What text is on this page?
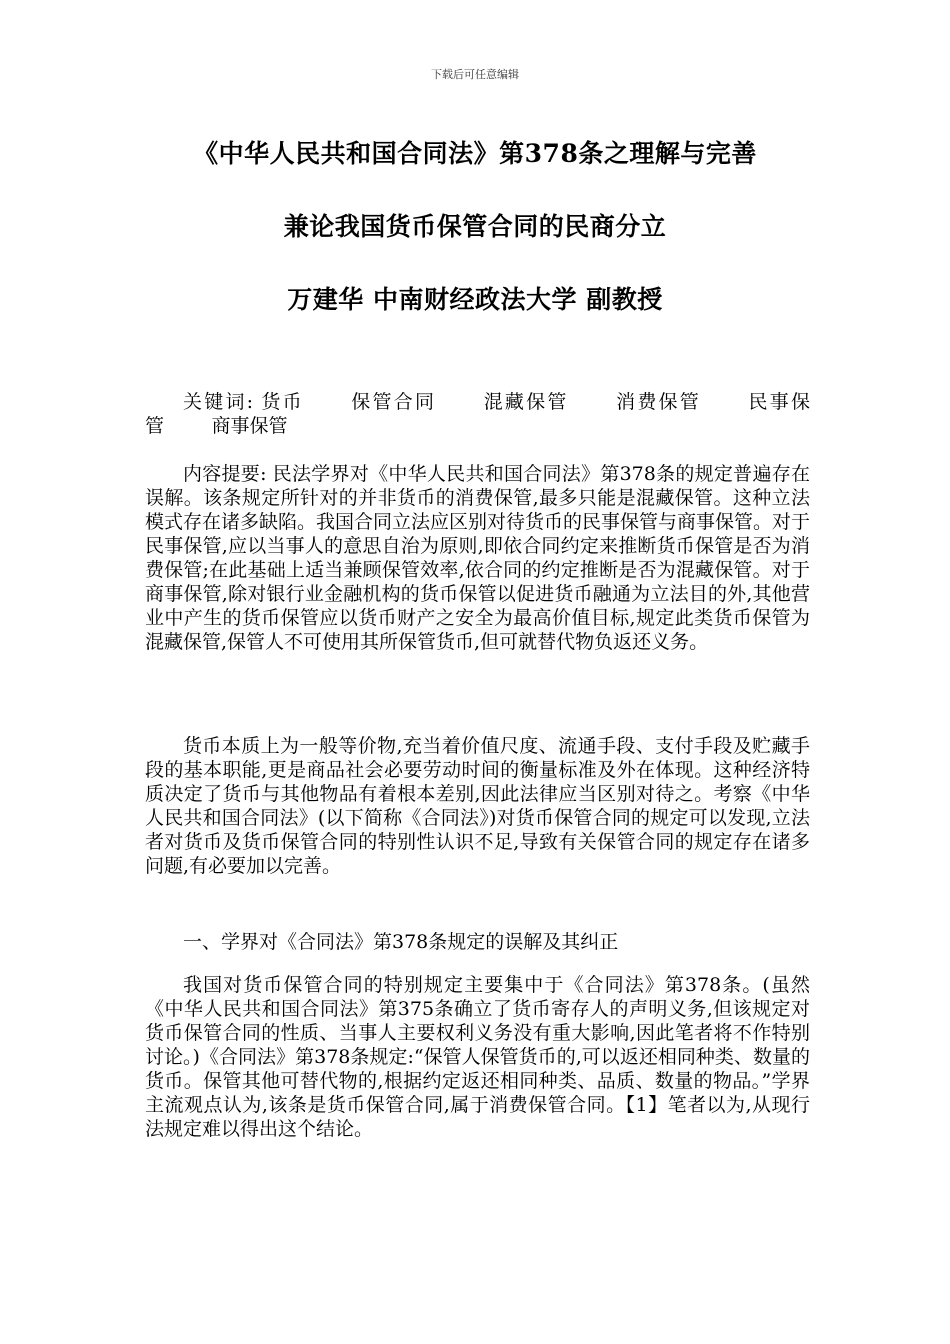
下载后可任意编辑
《中华人民共和国合同法》第378条之理解与完善
兼论我国货币保管合同的民商分立
万建华 中南财经政法大学 副教授

关键词: 货币	保管合同	混藏保管	消费保管	民事保管	商事保管

内容提要: 民法学界对《中华人民共和国合同法》第378条的规定普遍存在误解。该条规定所针对的并非货币的消费保管,最多只能是混藏保管。这种立法模式存在诸多缺陷。我国合同立法应区别对待货币的民事保管与商事保管。对于民事保管,应以当事人的意思自治为原则,即依合同约定来推断货币保管是否为消费保管;在此基础上适当兼顾保管效率,依合同的约定推断是否为混藏保管。对于商事保管,除对银行业金融机构的货币保管以促进货币融通为立法目的外,其他营业中产生的货币保管应以货币财产之安全为最高价值目标,规定此类货币保管为混藏保管,保管人不可使用其所保管货币,但可就替代物负返还义务。

货币本质上为一般等价物,充当着价值尺度、流通手段、支付手段及贮藏手段的基本职能,更是商品社会必要劳动时间的衡量标准及外在体现。这种经济特质决定了货币与其他物品有着根本差别,因此法律应当区别对待之。考察《中华人民共和国合同法》(以下简称《合同法》)对货币保管合同的规定可以发现,立法者对货币及货币保管合同的特别性认识不足,导致有关保管合同的规定存在诸多问题,有必要加以完善。

一、学界对《合同法》第378条规定的误解及其纠正

我国对货币保管合同的特别规定主要集中于《合同法》第378条。(虽然《中华人民共和国合同法》第375条确立了货币寄存人的声明义务,但该规定对货币保管合同的性质、当事人主要权利义务没有重大影响,因此笔者将不作特别讨论。)《合同法》第378条规定:“保管人保管货币的,可以返还相同种类、数量的货币。保管其他可替代物的,根据约定返还相同种类、品质、数量的物品。”学界主流观点认为,该条是货币保管合同,属于消费保管合同。【1】笔者以为,从现行法规定难以得出这个结论。
